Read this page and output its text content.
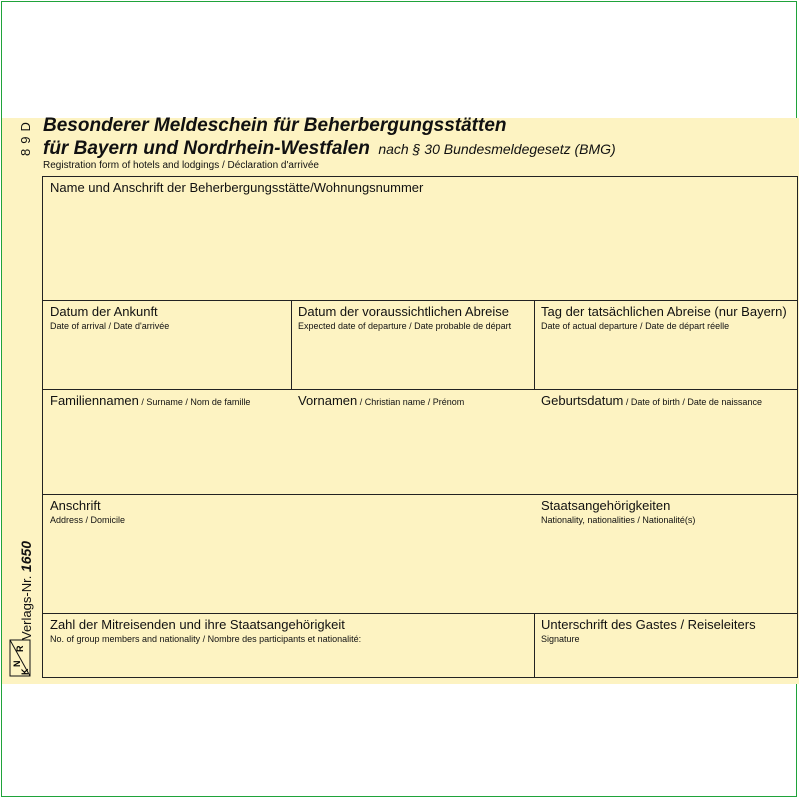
89D
Verlags-Nr. 1650
R
N
K
Besonderer Meldeschein für Beherbergungsstätten
für Bayern und Nordrhein-Westfalen nach § 30 Bundesmeldegesetz (BMG)
Registration form of hotels and lodgings / Déclaration d'arrivée
Name und Anschrift der Beherbergungsstätte/Wohnungsnummer
Datum der Ankunft
Date of arrival / Date d'arrivée
Datum der voraussichtlichen Abreise
Expected date of departure / Date probable de départ
Tag der tatsächlichen Abreise (nur Bayern)
Date of actual departure / Date de départ réelle
Familiennamen / Surname / Nom de famille	Vornamen / Christian name / Prénom	Geburtsdatum / Date of birth / Date de naissance
Anschrift
Address / Domicile
Staatsangehörigkeiten
Nationality, nationalities / Nationalité(s)
Zahl der Mitreisenden und ihre Staatsangehörigkeit
No. of group members and nationality / Nombre des participants et nationalité:
Unterschrift des Gastes / Reiseleiters
Signature
